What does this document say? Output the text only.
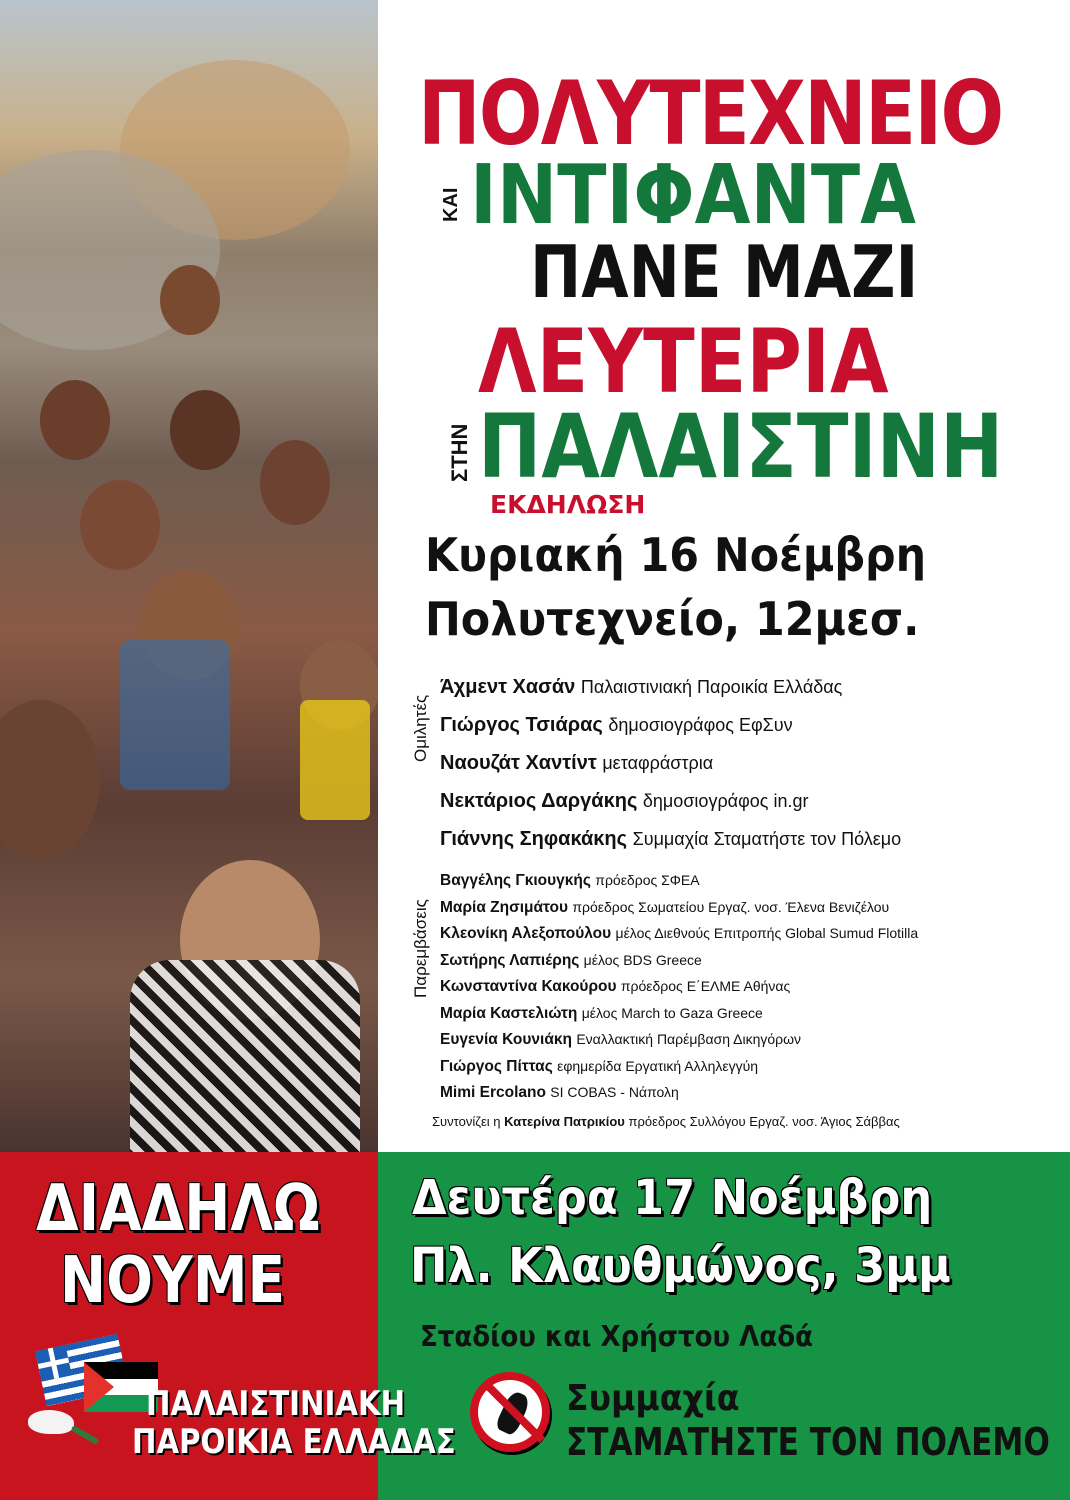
ΠΟΛΥΤΕΧΝΕΙΟ
ΚΑΙ ΙΝΤΙΦΑΝΤΑ
ΠΑΝΕ ΜΑΖΙ
ΛΕΥΤΕΡΙΑ
ΣΤΗΝ ΠΑΛΑΙΣΤΙΝΗ
ΕΚΔΗΛΩΣΗ
Κυριακή 16 Νοέμβρη
Πολυτεχνείο, 12μεσ.
Ομιλητές
Άχμεντ Χασάν Παλαιστινιακή Παροικία Ελλάδας
Γιώργος Τσιάρας δημοσιογράφος ΕφΣυν
Ναουζάτ Χαντίντ μεταφράστρια
Νεκτάριος Δαργάκης δημοσιογράφος in.gr
Γιάννης Σηφακάκης Συμμαχία Σταματήστε τον Πόλεμο
Παρεμβάσεις
Βαγγέλης Γκιουγκής πρόεδρος ΣΦΕΑ
Μαρία Ζησιμάτου πρόεδρος Σωματείου Εργαζ. νοσ. Έλενα Βενιζέλου
Κλεονίκη Αλεξοπούλου μέλος Διεθνούς Επιτροπής Global Sumud Flotilla
Σωτήρης Λαπιέρης μέλος BDS Greece
Κωνσταντίνα Κακούρου πρόεδρος Ε΄ΕΛΜΕ Αθήνας
Μαρία Καστελιώτη μέλος March to Gaza Greece
Ευγενία Κουνιάκη Εναλλακτική Παρέμβαση Δικηγόρων
Γιώργος Πίττας εφημερίδα Εργατική Αλληλεγγύη
Mimi Ercolano SI COBAS - Νάπολη
Συντονίζει η Κατερίνα Πατρικίου πρόεδρος Συλλόγου Εργαζ. νοσ. Άγιος Σάββας
ΔΙΑΔΗΛΩ
ΝΟΥΜΕ
Δευτέρα 17 Νοέμβρη
Πλ. Κλαυθμώνος, 3μμ
Σταδίου και Χρήστου Λαδά
ΠΑΛΑΙΣΤΙΝΙΑΚΗ
ΠΑΡΟΙΚΙΑ ΕΛΛΑΔΑΣ
Συμμαχία
ΣΤΑΜΑΤΗΣΤΕ ΤΟΝ ΠΟΛΕΜΟ
